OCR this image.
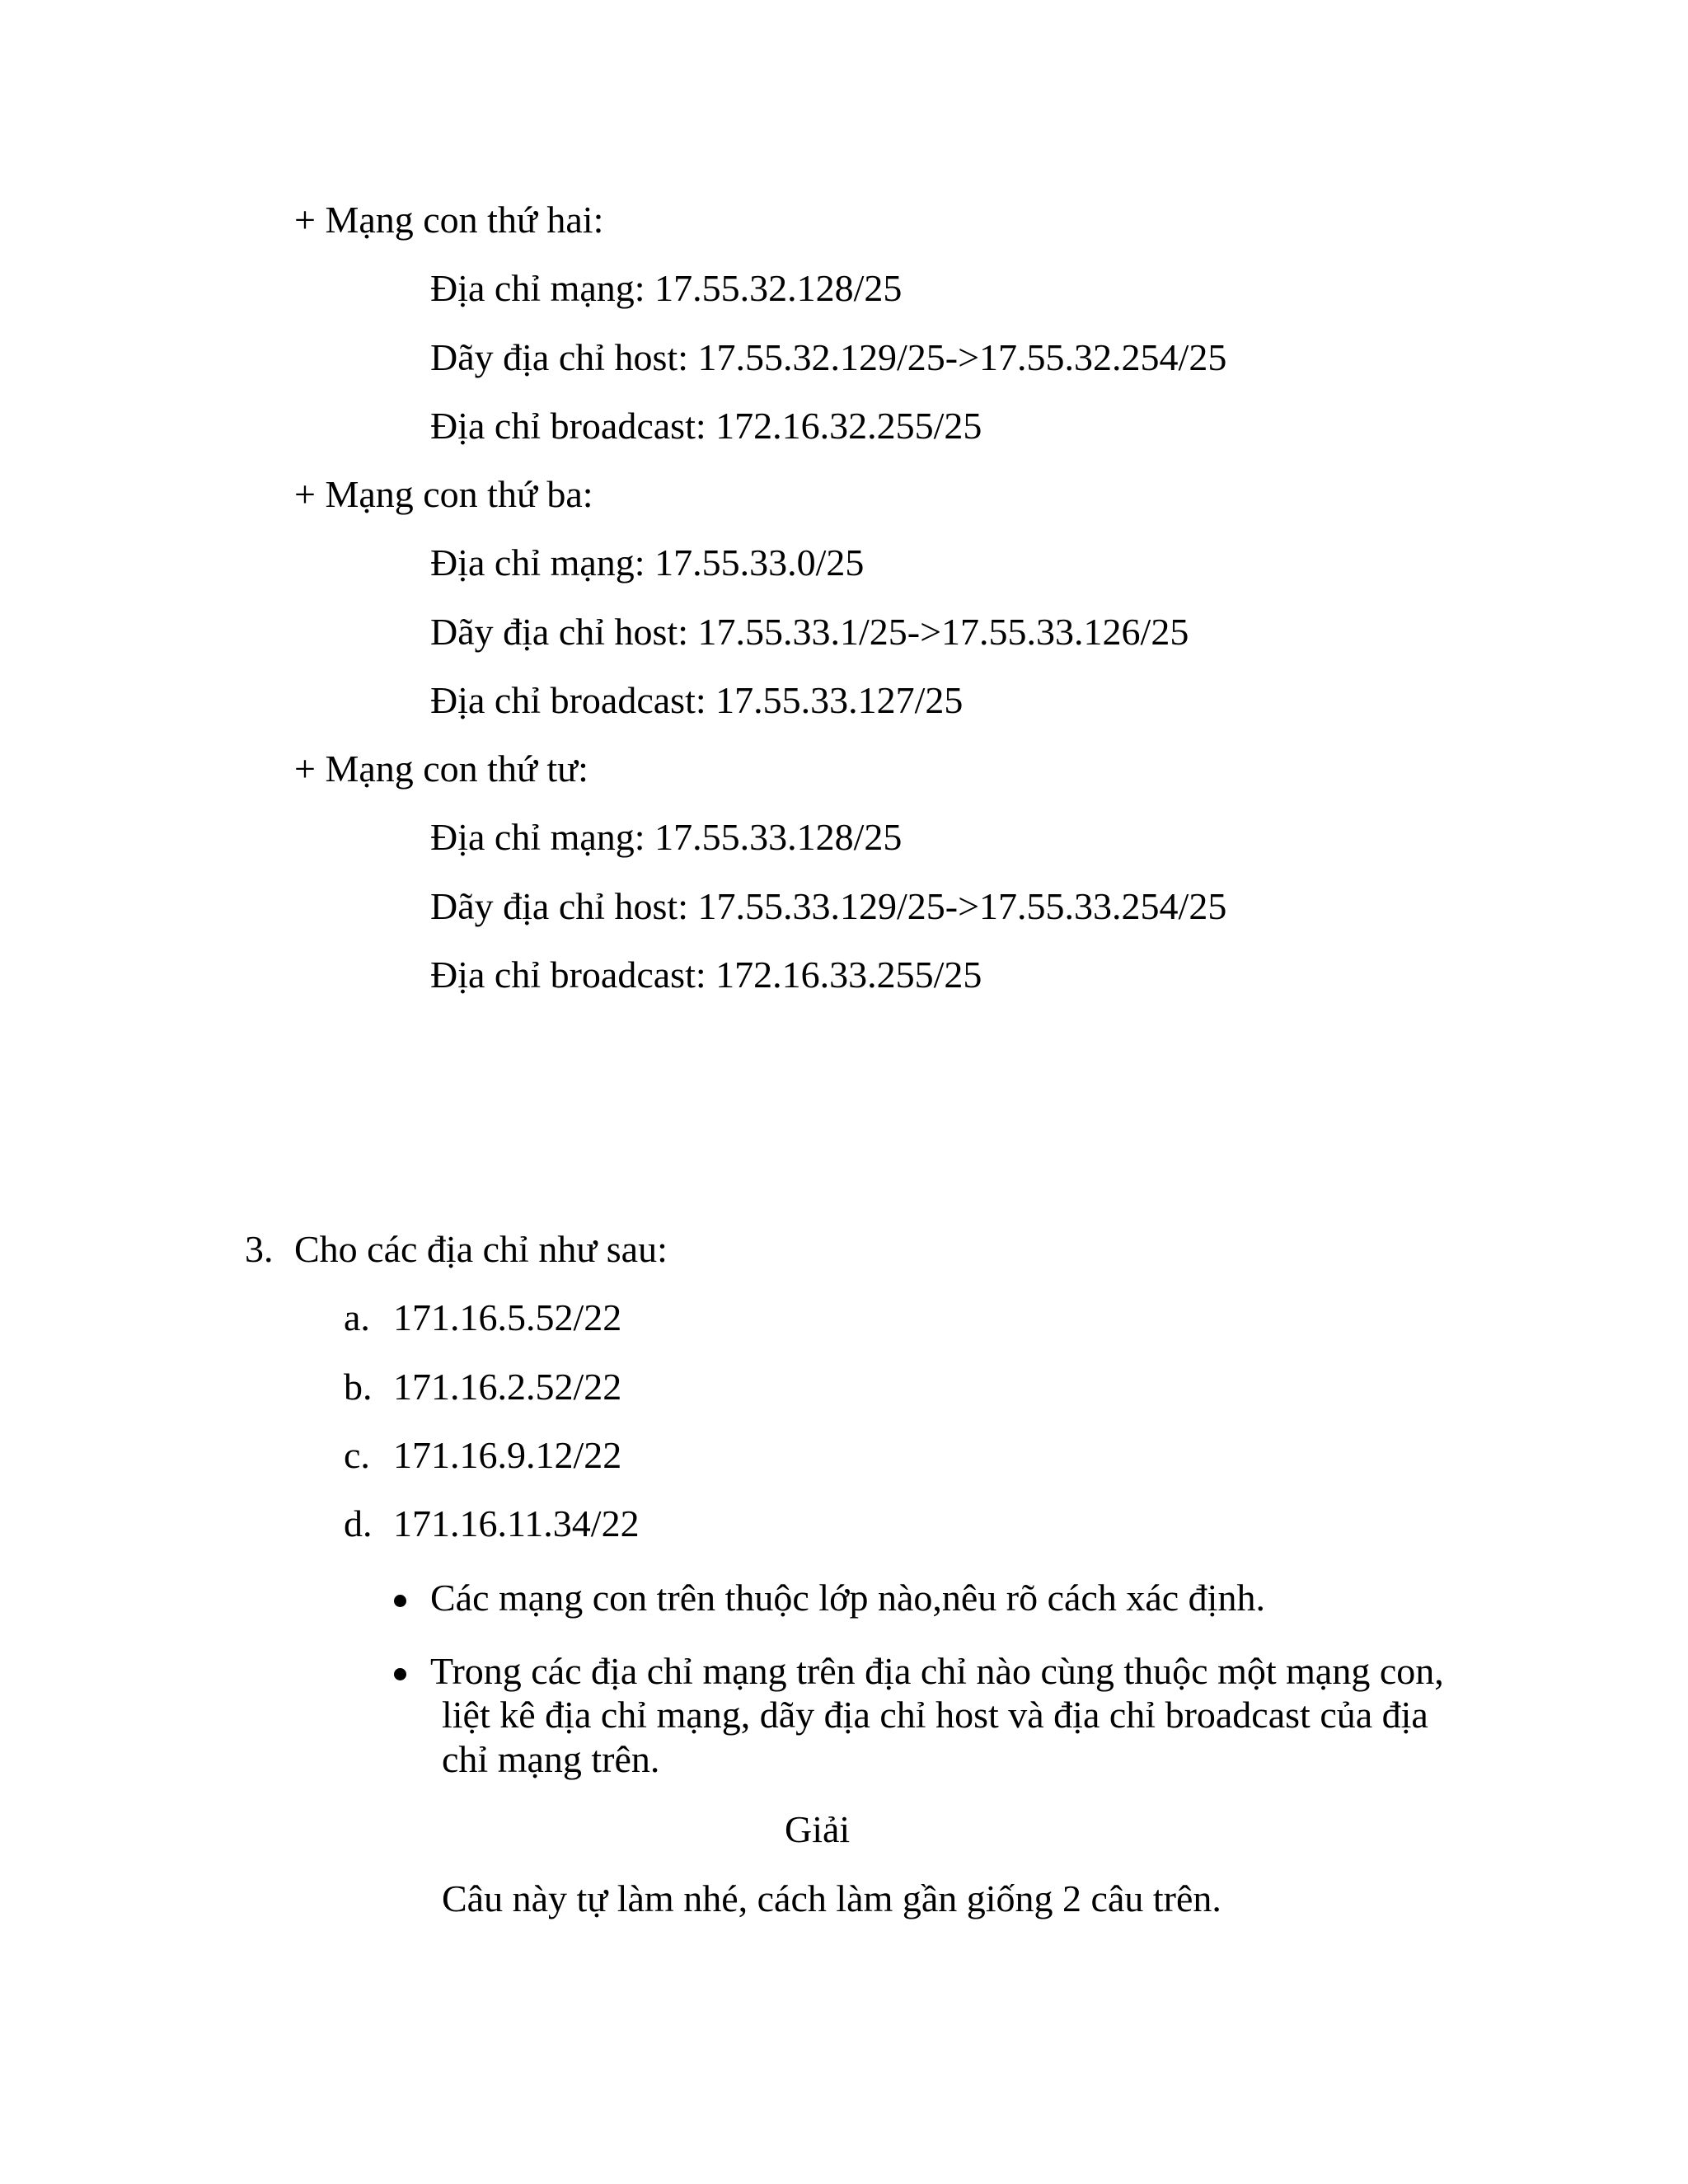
+ Mạng con thứ hai:
Địa chỉ mạng: 17.55.32.128/25
Dãy địa chỉ host: 17.55.32.129/25->17.55.32.254/25
Địa chỉ broadcast: 172.16.32.255/25
+ Mạng con thứ ba:
Địa chỉ mạng: 17.55.33.0/25
Dãy địa chỉ host: 17.55.33.1/25->17.55.33.126/25
Địa chỉ broadcast: 17.55.33.127/25
+ Mạng con thứ tư:
Địa chỉ mạng: 17.55.33.128/25
Dãy địa chỉ host: 17.55.33.129/25->17.55.33.254/25
Địa chỉ broadcast: 172.16.33.255/25
3. Cho các địa chỉ như sau:
a. 171.16.5.52/22
b. 171.16.2.52/22
c. 171.16.9.12/22
d. 171.16.11.34/22
Các mạng con trên thuộc lớp nào,nêu rõ cách xác định.
Trong các địa chỉ mạng trên địa chỉ nào cùng thuộc một mạng con,
liệt kê địa chỉ mạng, dãy địa chỉ host và địa chỉ broadcast của địa
chỉ mạng trên.
Giải
Câu này tự làm nhé, cách làm gần giống 2 câu trên.
